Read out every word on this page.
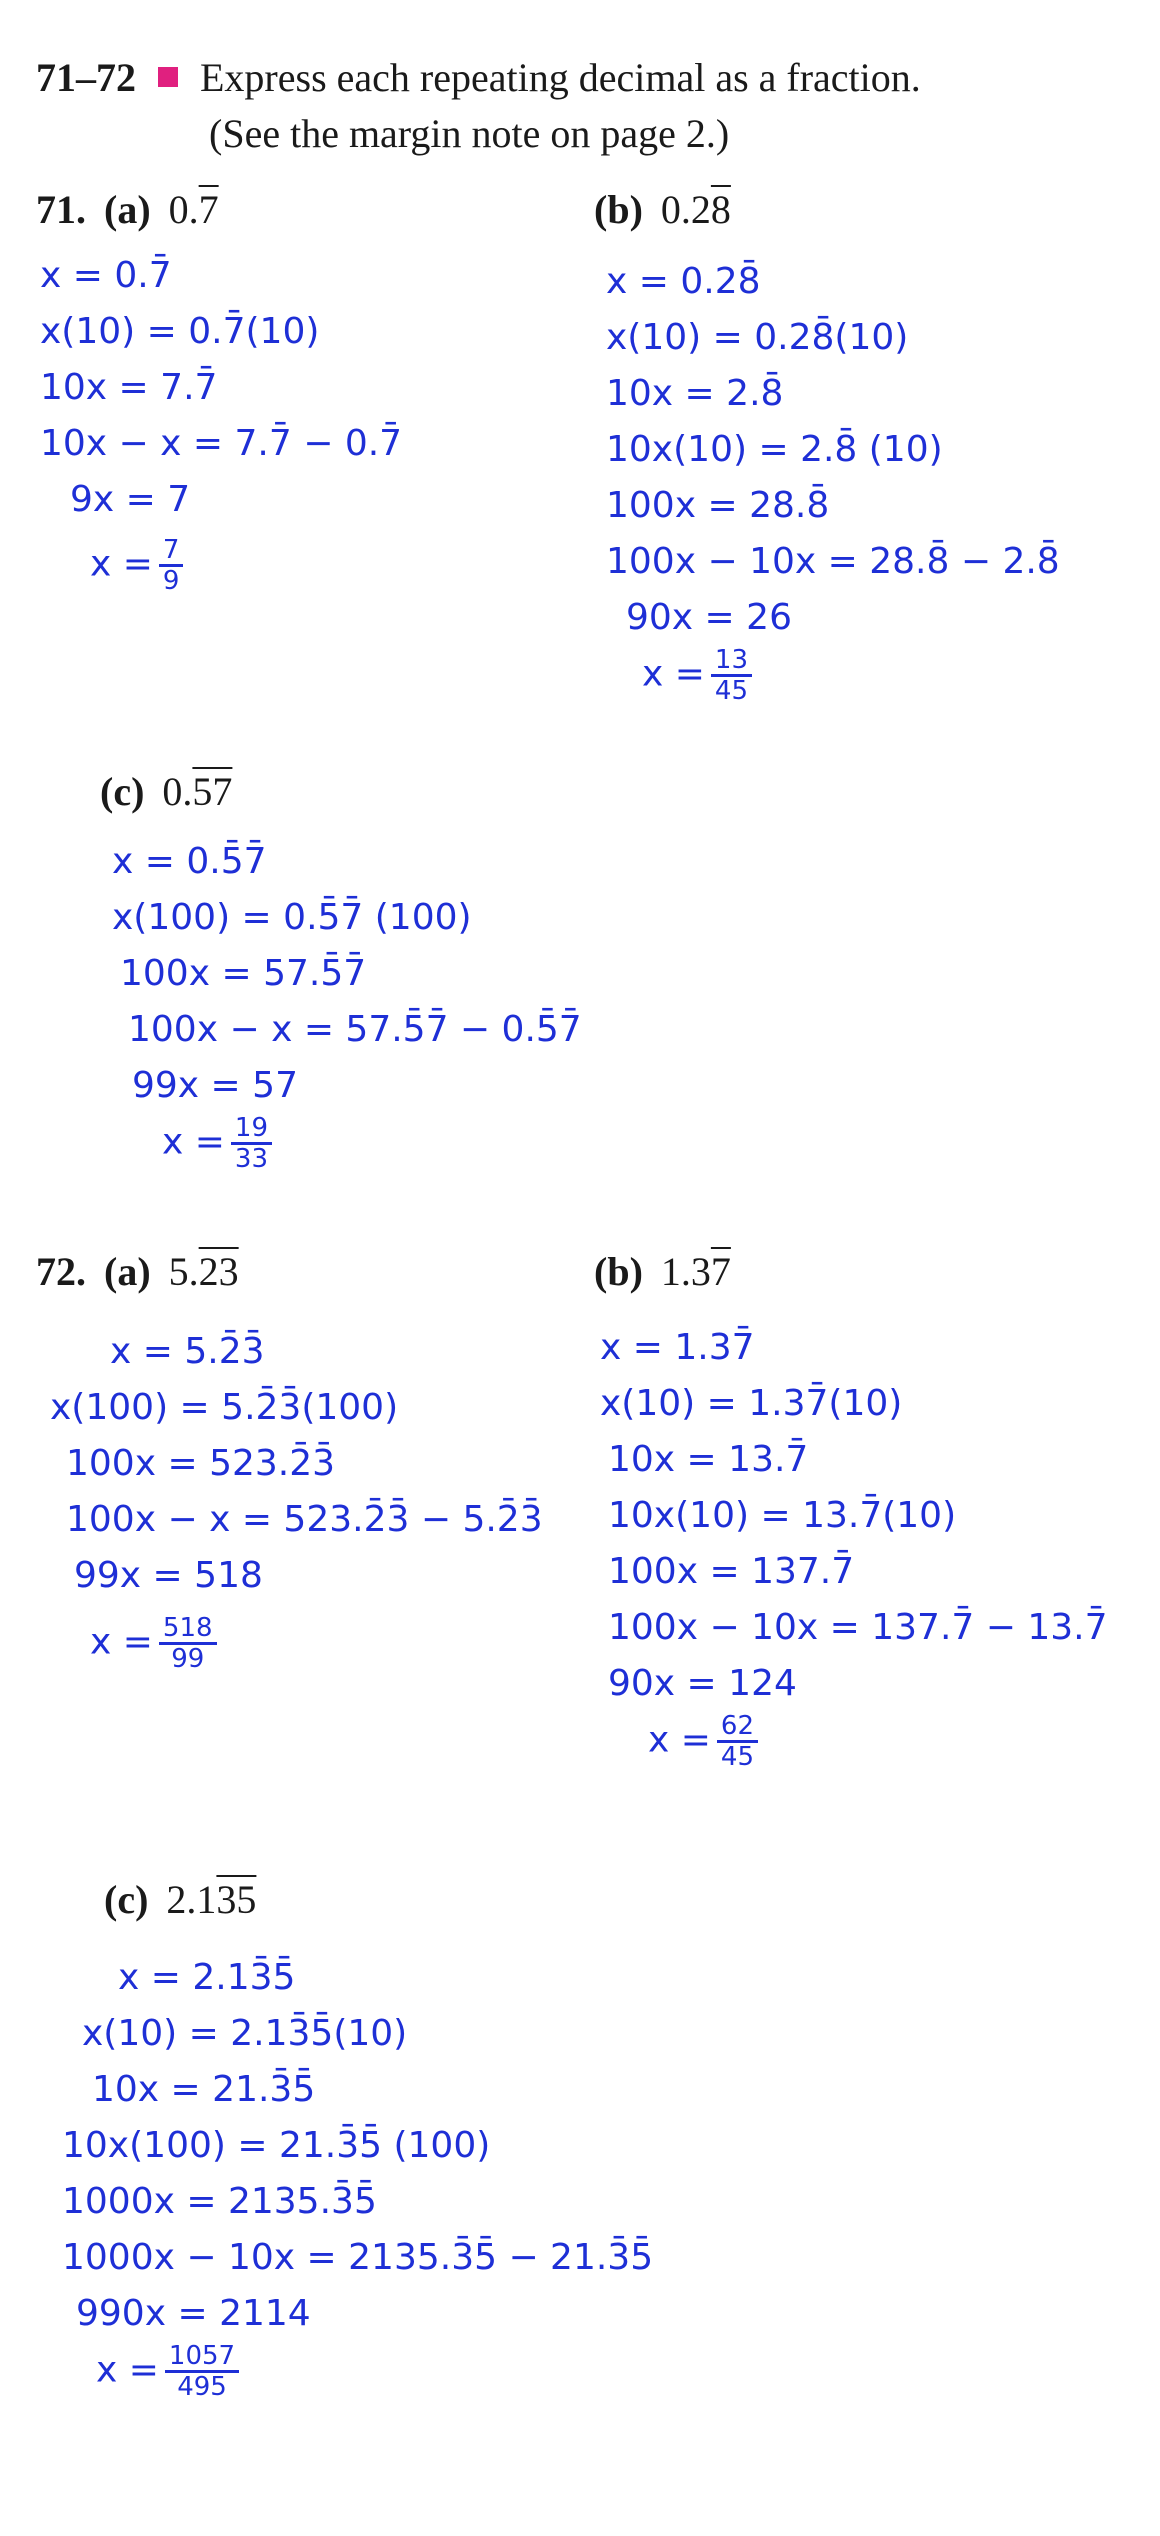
71–72 Express each repeating decimal as a fraction.
(See the margin note on page 2.)
71. (a) 0.7
x = 0.7̄
x(10) = 0.7̄(10)
10x = 7.7̄
10x − x = 7.7̄ − 0.7̄
9x = 7
$x = \frac{7}{9}$
(b) 0.28
x = 0.28̄
x(10) = 0.28̄(10)
10x = 2.8̄
10x(10) = 2.8̄ (10)
100x = 28.8̄
100x − 10x = 28.8̄ − 2.8̄
90x = 26
$x = \frac{13}{45}$
(c) 0.57
x = 0.5̄7̄
x(100) = 0.5̄7̄ (100)
100x = 57.5̄7̄
100x − x = 57.5̄7̄ − 0.5̄7̄
99x = 57
$x = \frac{19}{33}$
72. (a) 5.23
x = 5.2̄3̄
x(100) = 5.2̄3̄(100)
100x = 523.2̄3̄
100x − x = 523.2̄3̄ − 5.2̄3̄
99x = 518
$x = \frac{518}{99}$
(b) 1.37
x = 1.37̄
x(10) = 1.37̄(10)
10x = 13.7̄
10x(10) = 13.7̄(10)
100x = 137.7̄
100x − 10x = 137.7̄ − 13.7̄
90x = 124
$x = \frac{62}{45}$
(c) 2.135
x = 2.13̄5̄
x(10) = 2.13̄5̄(10)
10x = 21.3̄5̄
10x(100) = 21.3̄5̄ (100)
1000x = 2135.3̄5̄
1000x − 10x = 2135.3̄5̄ − 21.3̄5̄
990x = 2114
$x = \frac{1057}{495}$
